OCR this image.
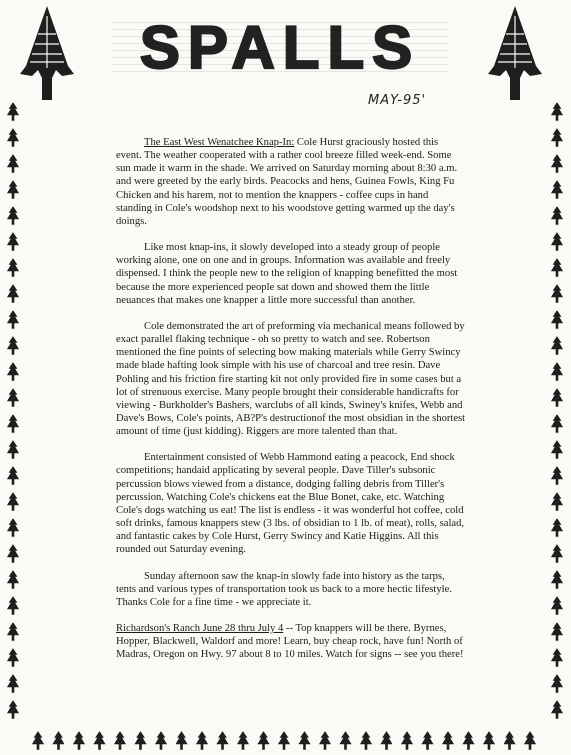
SPALLS
MAY-95'

The East West Wenatchee Knap-In: Cole Hurst graciously hosted this event. The weather cooperated with a rather cool breeze filled week-end. Some sun made it warm in the shade. We arrived on Saturday morning about 8:30 a.m. and were greeted by the early birds. Peacocks and hens, Guinea Fowls, King Fu Chicken and his harem, not to mention the knappers - coffee cups in hand standing in Cole's woodshop next to his woodstove getting warmed up the day's doings.

Like most knap-ins, it slowly developed into a steady group of people working alone, one on one and in groups. Information was available and freely dispensed. I think the people new to the religion of knapping benefitted the most because the more experienced people sat down and showed them the little neuances that makes one knapper a little more successful than another.

Cole demonstrated the art of preforming via mechanical means followed by exact parallel flaking technique - oh so pretty to watch and see. Robertson mentioned the fine points of selecting bow making materials while Gerry Swincy made blade hafting look simple with his use of charcoal and tree resin. Dave Pohling and his friction fire starting kit not only provided fire in some cases but a lot of strenuous exercise. Many people brought their considerable handicrafts for viewing - Burkholder's Bashers, warclubs of all kinds, Swiney's knifes, Webb and Dave's Bows, Cole's points, AB?P's destructionof the most obsidian in the shortest amount of time (just kidding). Riggers are more talented than that.

Entertainment consisted of Webb Hammond eating a peacock, End shock competitions; handaid applicating by several people. Dave Tiller's subsonic percussion blows viewed from a distance, dodging falling debris from Tiller's percussion. Watching Cole's chickens eat the Blue Bonet, cake, etc. Watching Cole's dogs watching us eat! The list is endless - it was wonderful hot coffee, cold soft drinks, famous knappers stew (3 lbs. of obsidian to 1 lb. of meat), rolls, salad, and fantastic cakes by Cole Hurst, Gerry Swincy and Katie Higgins. All this rounded out Saturday evening.

Sunday afternoon saw the knap-in slowly fade into history as the tarps, tents and various types of transportation took us back to a more hectic lifestyle. Thanks Cole for a fine time - we appreciate it.

Richardson's Ranch June 28 thru July 4 -- Top knappers will be there. Byrnes, Hopper, Blackwell, Waldorf and more! Learn, buy cheap rock, have fun! North of Madras, Oregon on Hwy. 97 about 8 to 10 miles. Watch for signs -- see you there!
